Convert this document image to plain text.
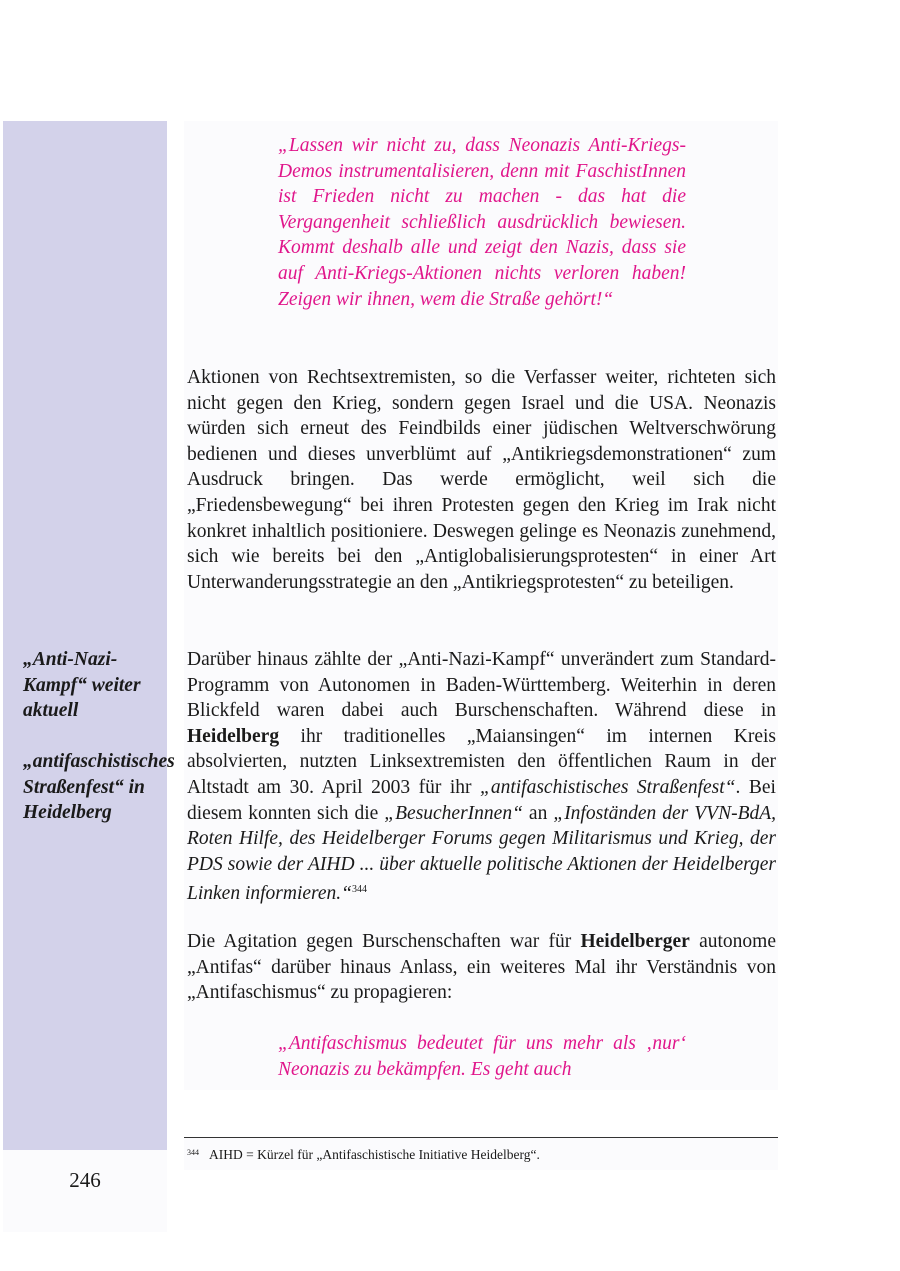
246
„Anti-Nazi-Kampf“ weiter aktuell
„antifaschistisches Straßenfest“ in Heidelberg
„Lassen wir nicht zu, dass Neonazis Anti-Kriegs-Demos instrumentalisieren, denn mit FaschistInnen ist Frieden nicht zu machen - das hat die Vergangenheit schließlich ausdrücklich bewiesen. Kommt deshalb alle und zeigt den Nazis, dass sie auf Anti-Kriegs-Aktionen nichts verloren haben! Zeigen wir ihnen, wem die Straße gehört!“

Aktionen von Rechtsextremisten, so die Verfasser weiter, richteten sich nicht gegen den Krieg, sondern gegen Israel und die USA. Neonazis würden sich erneut des Feindbilds einer jüdischen Weltverschwörung bedienen und dieses unverblümt auf „Antikriegsdemonstrationen“ zum Ausdruck bringen. Das werde ermöglicht, weil sich die „Friedensbewegung“ bei ihren Protesten gegen den Krieg im Irak nicht konkret inhaltlich positioniere. Deswegen gelinge es Neonazis zunehmend, sich wie bereits bei den „Antiglobalisierungsprotesten“ in einer Art Unterwanderungsstrategie an den „Antikriegsprotesten“ zu beteiligen.

Darüber hinaus zählte der „Anti-Nazi-Kampf“ unverändert zum Standard-Programm von Autonomen in Baden-Württemberg. Weiterhin in deren Blickfeld waren dabei auch Burschenschaften. Während diese in Heidelberg ihr traditionelles „Maiansingen“ im internen Kreis absolvierten, nutzten Linksextremisten den öffentlichen Raum in der Altstadt am 30. April 2003 für ihr „antifaschistisches Straßenfest“. Bei diesem konnten sich die „BesucherInnen“ an „Infoständen der VVN-BdA, Roten Hilfe, des Heidelberger Forums gegen Militarismus und Krieg, der PDS sowie der AIHD ... über aktuelle politische Aktionen der Heidelberger Linken informieren.“$^{344}$

Die Agitation gegen Burschenschaften war für Heidelberger autonome „Antifas“ darüber hinaus Anlass, ein weiteres Mal ihr Verständnis von „Antifaschismus“ zu propagieren:

„Antifaschismus bedeutet für uns mehr als ‚nur‘ Neonazis zu bekämpfen. Es geht auch
$^{344}$ AIHD = Kürzel für „Antifaschistische Initiative Heidelberg“.
